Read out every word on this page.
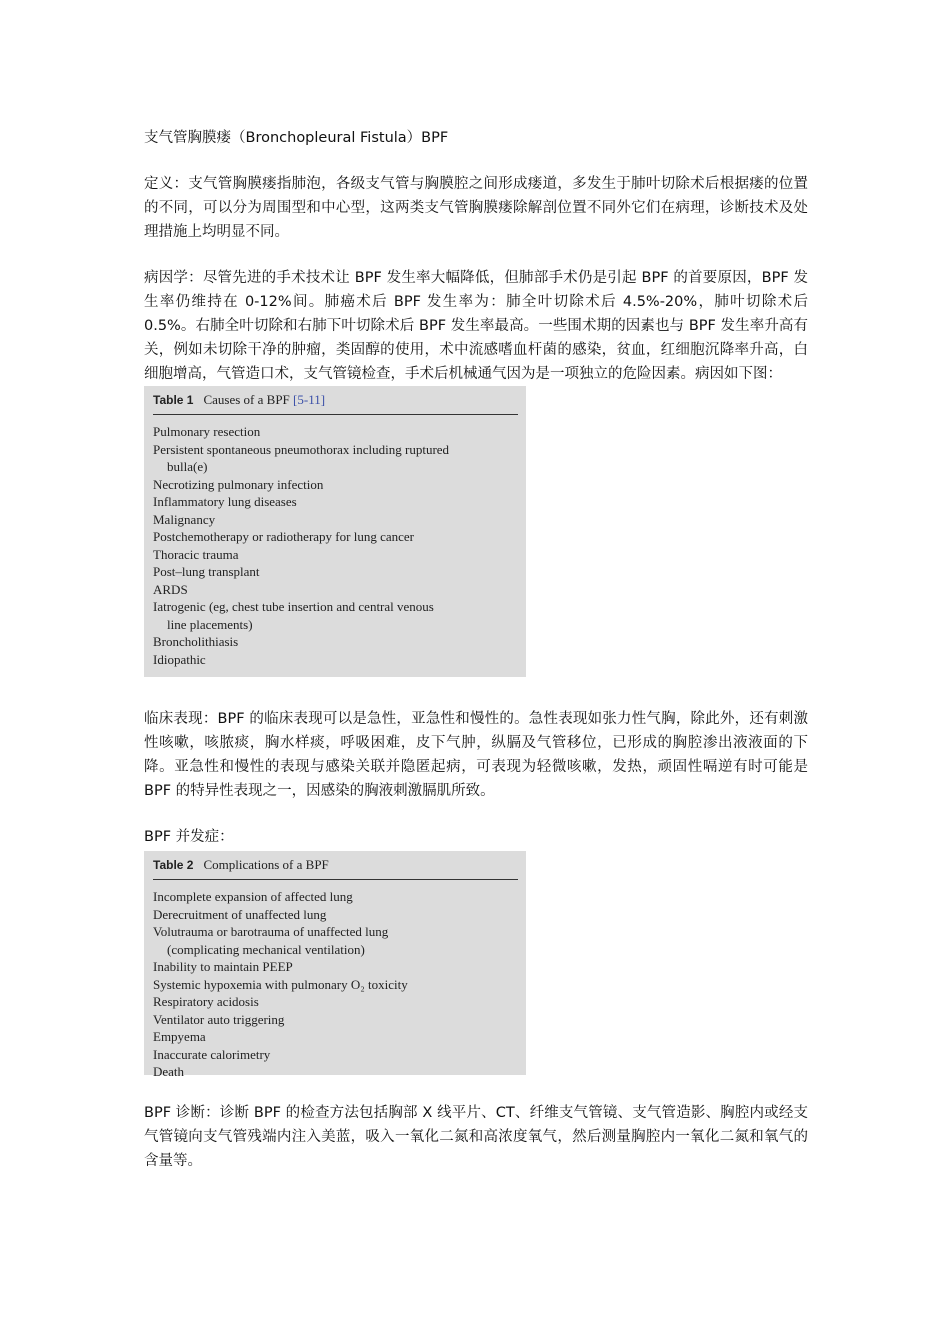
支气管胸膜瘘（Bronchopleural Fistula）BPF

定义：支气管胸膜瘘指肺泡，各级支气管与胸膜腔之间形成瘘道，多发生于肺叶切除术后根据瘘的位置的不同，可以分为周围型和中心型，这两类支气管胸膜瘘除解剖位置不同外它们在病理，诊断技术及处理措施上均明显不同。

病因学：尽管先进的手术技术让 BPF 发生率大幅降低，但肺部手术仍是引起 BPF 的首要原因，BPF 发生率仍维持在 0-12%间。肺癌术后 BPF 发生率为：肺全叶切除术后 4.5%-20%，肺叶切除术后 0.5%。右肺全叶切除和右肺下叶切除术后 BPF 发生率最高。一些围术期的因素也与 BPF 发生率升高有关，例如未切除干净的肿瘤，类固醇的使用，术中流感嗜血杆菌的感染，贫血，红细胞沉降率升高，白细胞增高，气管造口术，支气管镜检查，手术后机械通气因为是一项独立的危险因素。病因如下图：

Table 1 Causes of a BPF [5-11]
Pulmonary resection
Persistent spontaneous pneumothorax including ruptured
bulla(e)
Necrotizing pulmonary infection
Inflammatory lung diseases
Malignancy
Postchemotherapy or radiotherapy for lung cancer
Thoracic trauma
Post–lung transplant
ARDS
Iatrogenic (eg, chest tube insertion and central venous
line placements)
Broncholithiasis
Idiopathic

临床表现：BPF 的临床表现可以是急性，亚急性和慢性的。急性表现如张力性气胸，除此外，还有刺激性咳嗽，咳脓痰，胸水样痰，呼吸困难，皮下气肿，纵膈及气管移位，已形成的胸腔渗出液液面的下降。亚急性和慢性的表现与感染关联并隐匿起病，可表现为轻微咳嗽，发热，顽固性嗝逆有时可能是 BPF 的特异性表现之一，因感染的胸液刺激膈肌所致。

BPF 并发症：
Table 2 Complications of a BPF
Incomplete expansion of affected lung
Derecruitment of unaffected lung
Volutrauma or barotrauma of unaffected lung
(complicating mechanical ventilation)
Inability to maintain PEEP
Systemic hypoxemia with pulmonary O₂ toxicity
Respiratory acidosis
Ventilator auto triggering
Empyema
Inaccurate calorimetry
Death

BPF 诊断：诊断 BPF 的检查方法包括胸部 X 线平片、CT、纤维支气管镜、支气管造影、胸腔内或经支气管镜向支气管残端内注入美蓝，吸入一氧化二氮和高浓度氧气，然后测量胸腔内一氧化二氮和氧气的含量等。
